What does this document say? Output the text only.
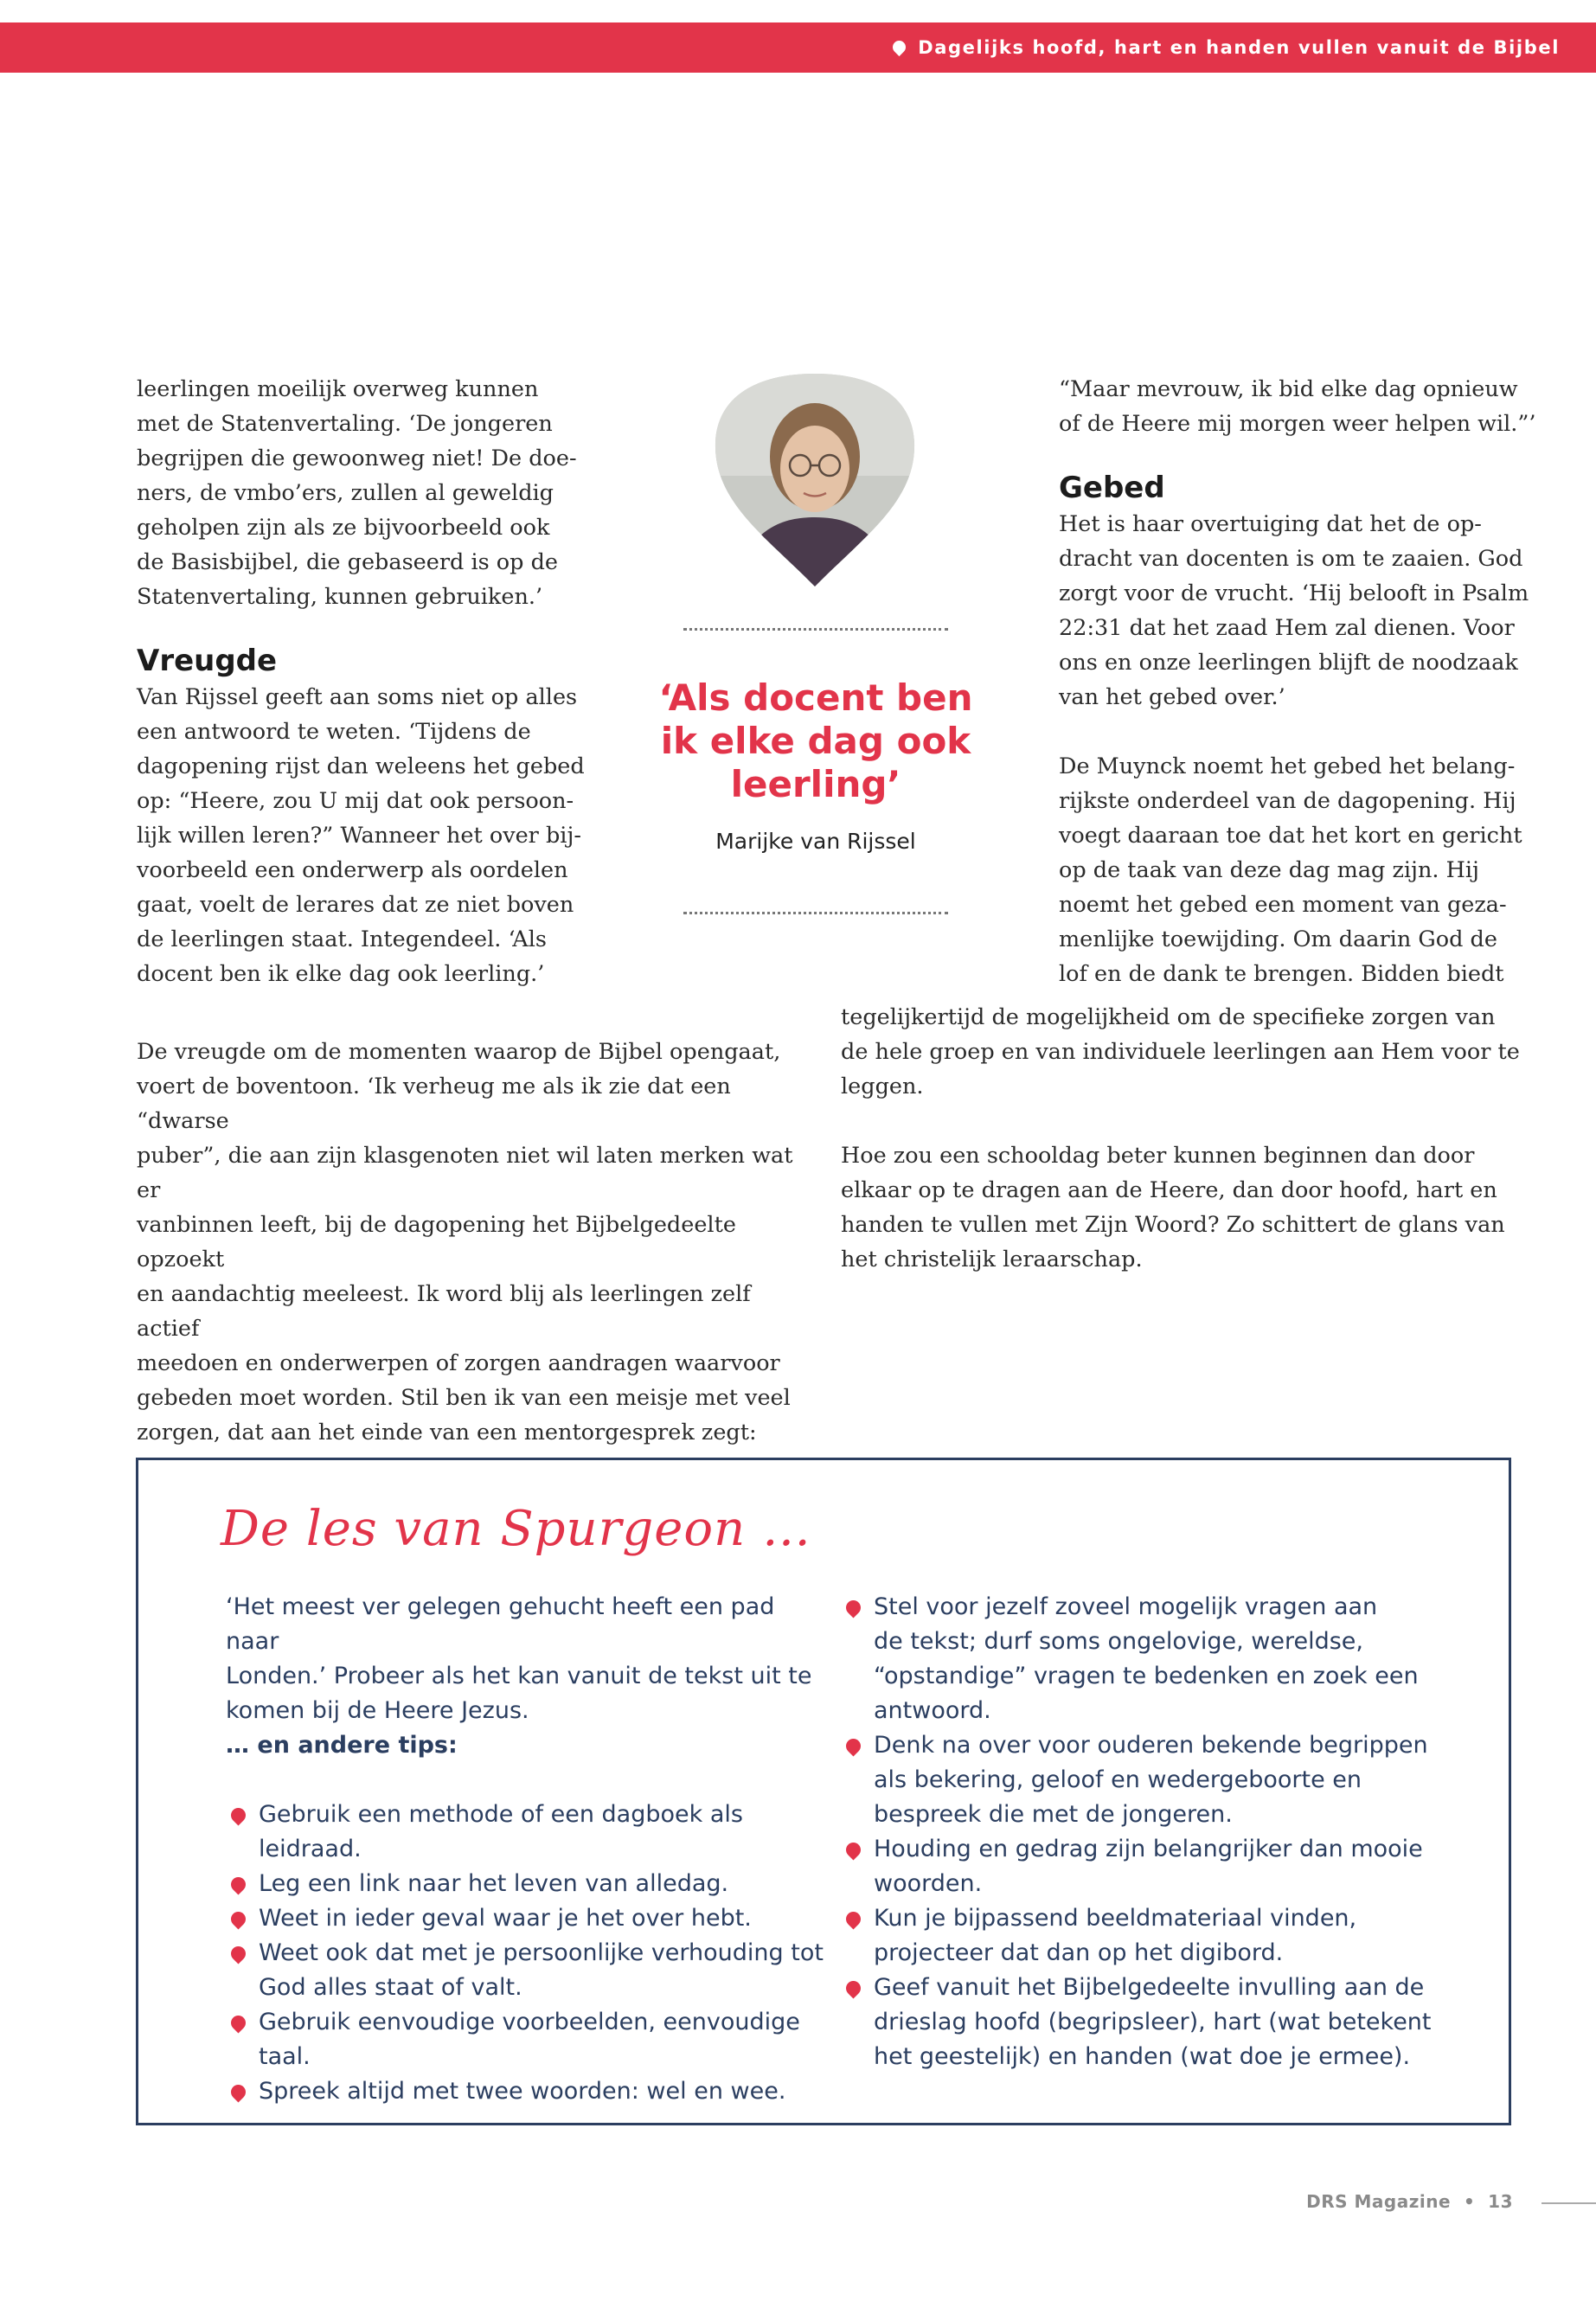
Dagelijks hoofd, hart en handen vullen vanuit de Bijbel

leerlingen moeilijk overweg kunnen
met de Statenvertaling. ‘De jongeren
begrijpen die gewoonweg niet! De doe-
ners, de vmbo’ers, zullen al geweldig
geholpen zijn als ze bijvoorbeeld ook
de Basisbijbel, die gebaseerd is op de
Statenvertaling, kunnen gebruiken.’

Vreugde

Van Rijssel geeft aan soms niet op alles
een antwoord te weten. ‘Tijdens de
dagopening rijst dan weleens het gebed
op: “Heere, zou U mij dat ook persoon-
lijk willen leren?” Wanneer het over bij-
voorbeeld een onderwerp als oordelen
gaat, voelt de lerares dat ze niet boven
de leerlingen staat. Integendeel. ‘Als
docent ben ik elke dag ook leerling.’

De vreugde om de momenten waarop de Bijbel opengaat,
voert de boventoon. ‘Ik verheug me als ik zie dat een “dwarse
puber”, die aan zijn klasgenoten niet wil laten merken wat er
vanbinnen leeft, bij de dagopening het Bijbelgedeelte opzoekt
en aandachtig meeleest. Ik word blij als leerlingen zelf actief
meedoen en onderwerpen of zorgen aandragen waarvoor
gebeden moet worden. Stil ben ik van een meisje met veel
zorgen, dat aan het einde van een mentorgesprek zegt:

‘Als docent ben
ik elke dag ook
leerling’
Marijke van Rijssel

“Maar mevrouw, ik bid elke dag opnieuw
of de Heere mij morgen weer helpen wil.”’

Gebed

Het is haar overtuiging dat het de op-
dracht van docenten is om te zaaien. God
zorgt voor de vrucht. ‘Hij belooft in Psalm
22:31 dat het zaad Hem zal dienen. Voor
ons en onze leerlingen blijft de noodzaak
van het gebed over.’

De Muynck noemt het gebed het belang-
rijkste onderdeel van de dagopening. Hij
voegt daaraan toe dat het kort en gericht
op de taak van deze dag mag zijn. Hij
noemt het gebed een moment van geza-
menlijke toewijding. Om daarin God de
lof en de dank te brengen. Bidden biedt

tegelijkertijd de mogelijkheid om de specifieke zorgen van
de hele groep en van individuele leerlingen aan Hem voor te
leggen.

Hoe zou een schooldag beter kunnen beginnen dan door
elkaar op te dragen aan de Heere, dan door hoofd, hart en
handen te vullen met Zijn Woord? Zo schittert de glans van
het christelijk leraarschap.

De les van Spurgeon …

‘Het meest ver gelegen gehucht heeft een pad naar
Londen.’ Probeer als het kan vanuit de tekst uit te
komen bij de Heere Jezus.

… en andere tips:

Gebruik een methode of een dagboek als
leidraad.
Leg een link naar het leven van alledag.
Weet in ieder geval waar je het over hebt.
Weet ook dat met je persoonlijke verhouding tot
God alles staat of valt.
Gebruik eenvoudige voorbeelden, eenvoudige
taal.
Spreek altijd met twee woorden: wel en wee.
Stel voor jezelf zoveel mogelijk vragen aan
de tekst; durf soms ongelovige, wereldse,
“opstandige” vragen te bedenken en zoek een
antwoord.
Denk na over voor ouderen bekende begrippen
als bekering, geloof en wedergeboorte en
bespreek die met de jongeren.
Houding en gedrag zijn belangrijker dan mooie
woorden.
Kun je bijpassend beeldmateriaal vinden,
projecteer dat dan op het digibord.
Geef vanuit het Bijbelgedeelte invulling aan de
drieslag hoofd (begripsleer), hart (wat betekent
het geestelijk) en handen (wat doe je ermee).
DRS Magazine  •  13
